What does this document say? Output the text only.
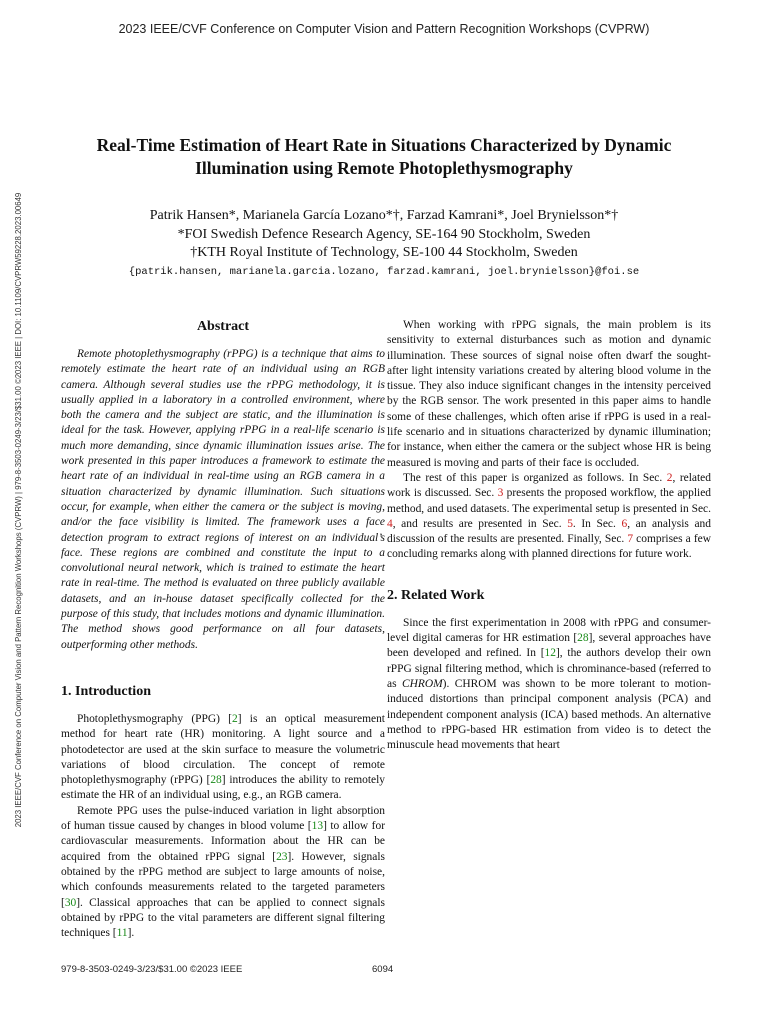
2023 IEEE/CVF Conference on Computer Vision and Pattern Recognition Workshops (CVPRW)
2023 IEEE/CVF Conference on Computer Vision and Pattern Recognition Workshops (CVPRW) | 979-8-3503-0249-3/23/$31.00 ©2023 IEEE | DOI: 10.1109/CVPRW59228.2023.00649
Real-Time Estimation of Heart Rate in Situations Characterized by Dynamic
Illumination using Remote Photoplethysmography
Patrik Hansen*, Marianela García Lozano*†, Farzad Kamrani*, Joel Brynielsson*†
*FOI Swedish Defence Research Agency, SE-164 90 Stockholm, Sweden
†KTH Royal Institute of Technology, SE-100 44 Stockholm, Sweden
{patrik.hansen, marianela.garcia.lozano, farzad.kamrani, joel.brynielsson}@foi.se
Abstract

Remote photoplethysmography (rPPG) is a technique that aims to remotely estimate the heart rate of an individual using an RGB camera. Although several studies use the rPPG methodology, it is usually applied in a laboratory in a controlled environment, where both the camera and the subject are static, and the illumination is ideal for the task. However, applying rPPG in a real-life scenario is much more demanding, since dynamic illumination issues arise. The work presented in this paper introduces a framework to estimate the heart rate of an individual in real-time using an RGB camera in a situation characterized by dynamic illumination. Such situations occur, for example, when either the camera or the subject is moving, and/or the face visibility is limited. The framework uses a face detection program to extract regions of interest on an individual’s face. These regions are combined and constitute the input to a convolutional neural network, which is trained to estimate the heart rate in real-time. The method is evaluated on three publicly available datasets, and an in-house dataset specifically collected for the purpose of this study, that includes motions and dynamic illumination. The method shows good performance on all four datasets, outperforming other methods.

1. Introduction

Photoplethysmography (PPG) [2] is an optical measurement method for heart rate (HR) monitoring. A light source and a photodetector are used at the skin surface to measure the volumetric variations of blood circulation. The concept of remote photoplethysmography (rPPG) [28] introduces the ability to remotely estimate the HR of an individual using, e.g., an RGB camera.

Remote PPG uses the pulse-induced variation in light absorption of human tissue caused by changes in blood volume [13] to allow for cardiovascular measurements. Information about the HR can be acquired from the obtained rPPG signal [23]. However, signals obtained by the rPPG method are subject to large amounts of noise, which confounds measurements related to the targeted parameters [30]. Classical approaches that can be applied to connect signals obtained by rPPG to the vital parameters are different signal filtering techniques [11].

When working with rPPG signals, the main problem is its sensitivity to external disturbances such as motion and dynamic illumination. These sources of signal noise often dwarf the sought-after light intensity variations created by altering blood volume in the tissue. They also induce significant changes in the intensity perceived by the RGB sensor. The work presented in this paper aims to handle some of these challenges, which often arise if rPPG is used in a real-life scenario and in situations characterized by dynamic illumination; for instance, when either the camera or the subject whose HR is being measured is moving and parts of their face is occluded.

The rest of this paper is organized as follows. In Sec. 2, related work is discussed. Sec. 3 presents the proposed workflow, the applied method, and used datasets. The experimental setup is presented in Sec. 4, and results are presented in Sec. 5. In Sec. 6, an analysis and discussion of the results are presented. Finally, Sec. 7 comprises a few concluding remarks along with planned directions for future work.

2. Related Work

Since the first experimentation in 2008 with rPPG and consumer-level digital cameras for HR estimation [28], several approaches have been developed and refined. In [12], the authors develop their own rPPG signal filtering method, which is chrominance-based (referred to as CHROM). CHROM was shown to be more tolerant to motion-induced distortions than principal component analysis (PCA) and independent component analysis (ICA) based methods. An alternative method to rPPG-based HR estimation from video is to detect the minuscule head movements that heart

979-8-3503-0249-3/23/$31.00 ©2023 IEEE	6094
